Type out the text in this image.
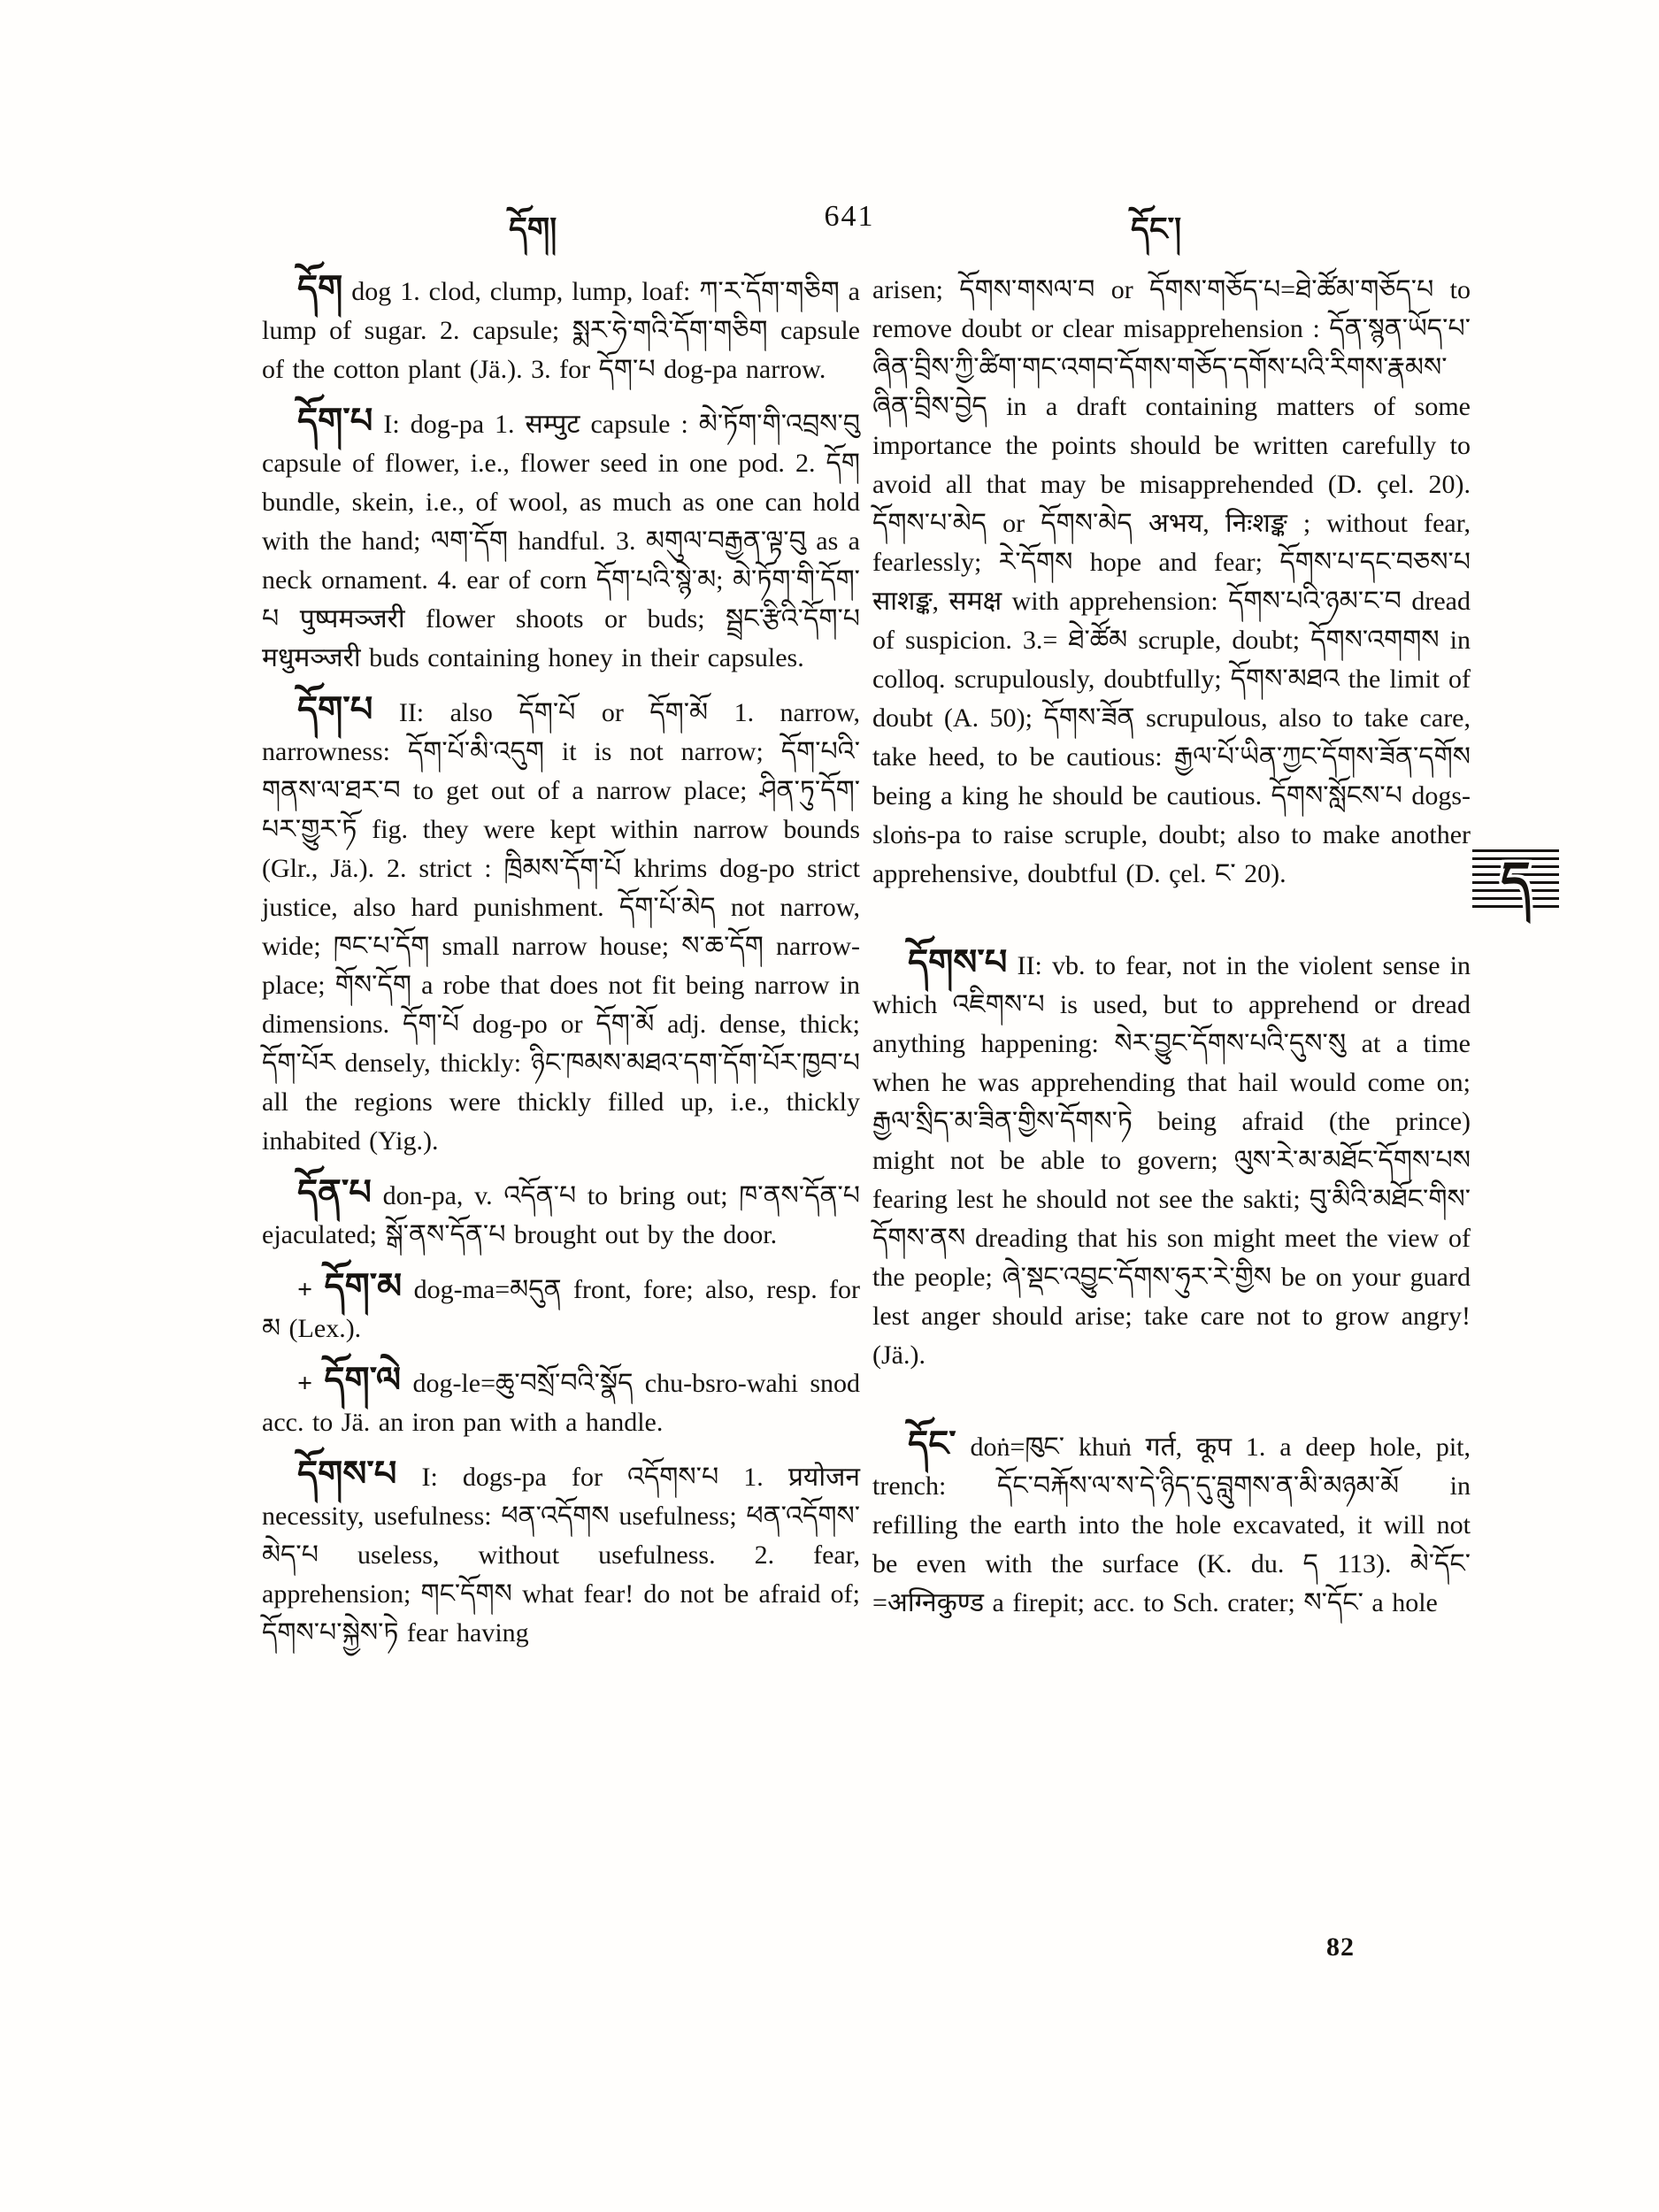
དོག།	641	དོང་།

དོག dog 1. clod, clump, lump, loaf: ཀ་ར་དོག་གཅིག a lump of sugar. 2. capsule; སྨར་ཧེ་གའི་དོག་གཅིག capsule of the cotton plant (Jä.). 3. for དོག་པ dog-pa narrow.

དོག་པ I: dog-pa 1. सम्पुट capsule : མེ་ཏོག་གི་འབྲས་བུ capsule of flower, i.e., flower seed in one pod. 2. དོག bundle, skein, i.e., of wool, as much as one can hold with the hand; ལག་དོག handful. 3. མགུལ་བརྒྱན་ལྟ་བུ as a neck ornament. 4. ear of corn དོག་པའི་སྙེ་མ; མེ་ཏོག་གི་དོག་པ पुष्पमञ्जरी flower shoots or buds; སྦྲང་རྩིའི་དོག་པ मधुमञ्जरी buds containing honey in their capsules.

དོག་པ II: also དོག་པོ or དོག་མོ 1. narrow, narrowness: དོག་པོ་མི་འདུག it is not narrow; དོག་པའི་གནས་ལ་ཐར་བ to get out of a narrow place; ཤིན་ཏུ་དོག་པར་གྱུར་ཏོ fig. they were kept within narrow bounds (Glr., Jä.). 2. strict : ཁྲིམས་དོག་པོ khrims dog-po strict justice, also hard punishment. དོག་པོ་མེད not narrow, wide; ཁང་པ་དོག small narrow house; ས་ཆ་དོག narrow-place; གོས་དོག a robe that does not fit being narrow in dimensions. དོག་པོ dog-po or དོག་མོ adj. dense, thick; དོག་པོར densely, thickly: ཉིང་ཁམས་མཐའ་དག་དོག་པོར་ཁྱབ་པ all the regions were thickly filled up, i.e., thickly inhabited (Yig.).

དོན་པ don-pa, v. འདོན་པ to bring out; ཁ་ནས་དོན་པ ejaculated; སྒོ་ནས་དོན་པ brought out by the door.

+ དོག་མ dog-ma=མདུན front, fore; also, resp. for མ (Lex.).

+ དོག་ལེ dog-le=ཆུ་བསྲོ་བའི་སྣོད chu-bsro-wahi snod acc. to Jä. an iron pan with a handle.

དོགས་པ I: dogs-pa for འདོགས་པ 1. प्रयोजन necessity, usefulness: ཕན་འདོགས usefulness; ཕན་འདོགས་མེད་པ useless, without usefulness. 2. fear, apprehension; གང་དོགས what fear! do not be afraid of; དོགས་པ་སྐྱེས་ཏེ fear having

arisen; དོགས་གསལ་བ or དོགས་གཅོད་པ=ཐེ་ཚོམ་གཅོད་པ to remove doubt or clear misapprehension : དོན་སྙན་ཡོད་པ་ཞིན་བྲིས་ཀྱི་ཚིག་གང་འགབ་དོགས་གཅོད་དགོས་པའི་རིགས་རྣམས་ཞིན་བྲིས་བྱེད in a draft containing matters of some importance the points should be written carefully to avoid all that may be misapprehended (D. çel. 20). དོགས་པ་མེད or དོགས་མེད अभय, निःशङ्क ; without fear, fearlessly; རེ་དོགས hope and fear; དོགས་པ་དང་བཅས་པ साशङ्क, समक्ष with apprehension: དོགས་པའི་ཉམ་ང་བ dread of suspicion. 3.= ཐེ་ཚོམ scruple, doubt; དོགས་འགགས in colloq. scrupulously, doubtfully; དོགས་མཐའ the limit of doubt (A. 50); དོགས་ཟོན scrupulous, also to take care, take heed, to be cautious: རྒྱལ་པོ་ཡིན་ཀྱང་དོགས་ཟོན་དགོས being a king he should be cautious. དོགས་སློངས་པ dogs-sloṅs-pa to raise scruple, doubt; also to make another apprehensive, doubtful (D. çel. ང་ 20).

དོགས་པ II: vb. to fear, not in the violent sense in which འཇིགས་པ is used, but to apprehend or dread anything happening: སེར་བྱུང་དོགས་པའི་དུས་སུ at a time when he was apprehending that hail would come on; རྒྱལ་སྲིད་མ་ཟིན་གྱིས་དོགས་ཏེ being afraid (the prince) might not be able to govern; ལུས་རེ་མ་མཐོང་དོགས་པས fearing lest he should not see the sakti; བུ་མིའི་མཐོང་གིས་དོགས་ནས dreading that his son might meet the view of the people; ཞེ་སྡང་འབྱུང་དོགས་ཧུར་རེ་གྱིས be on your guard lest anger should arise; take care not to grow angry! (Jä.).

དོང་ doṅ=ཁུང་ khuṅ गर्त, कूप 1. a deep hole, pit, trench: དོང་བརྐོས་ལ་ས་དེ་ཉིད་དུ་བླུགས་ན་མི་མཉམ་མོ in refilling the earth into the hole excavated, it will not be even with the surface (K. du. ད 113). མེ་དོང་=अग्निकुण्ड a firepit; acc. to Sch. crater; ས་དོང་ a hole

ད
82
